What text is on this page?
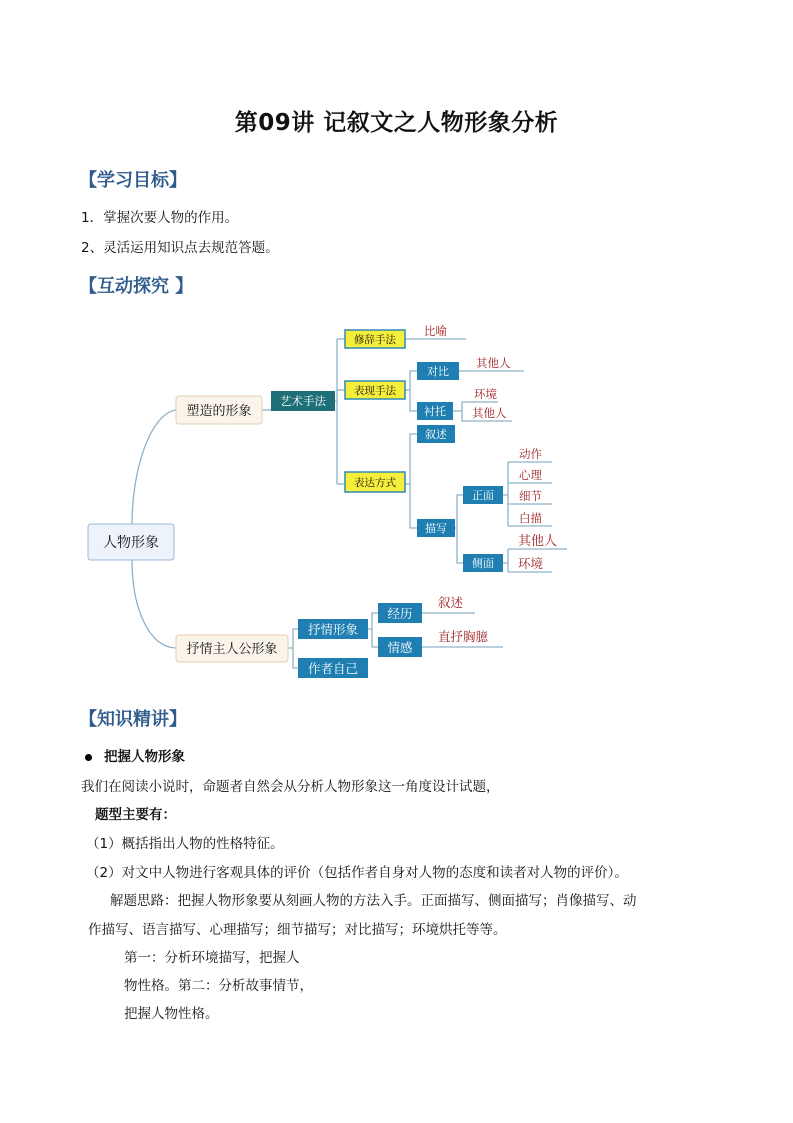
第09讲 记叙文之人物形象分析
【学习目标】
1．掌握次要人物的作用。
2、灵活运用知识点去规范答题。
【互动探究 】
人物形象
塑造的形象
艺术手法
修辞手法
表现手法
表达方式
对比
衬托
叙述
描写
正面
侧面
比喻
其他人
环境
其他人
动作
心理
细节
白描
其他人
环境
叙述
直抒胸臆
抒情主人公形象
抒情形象
作者自己
经历
情感
【知识精讲】
把握人物形象
我们在阅读小说时，命题者自然会从分析人物形象这一角度设计试题，
题型主要有：
（1）概括指出人物的性格特征。
（2）对文中人物进行客观具体的评价（包括作者自身对人物的态度和读者对人物的评价）。
解题思路：把握人物形象要从刻画人物的方法入手。正面描写、侧面描写；肖像描写、动
作描写、语言描写、心理描写；细节描写；对比描写；环境烘托等等。
第一：分析环境描写，把握人
物性格。第二：分析故事情节，
把握人物性格。
